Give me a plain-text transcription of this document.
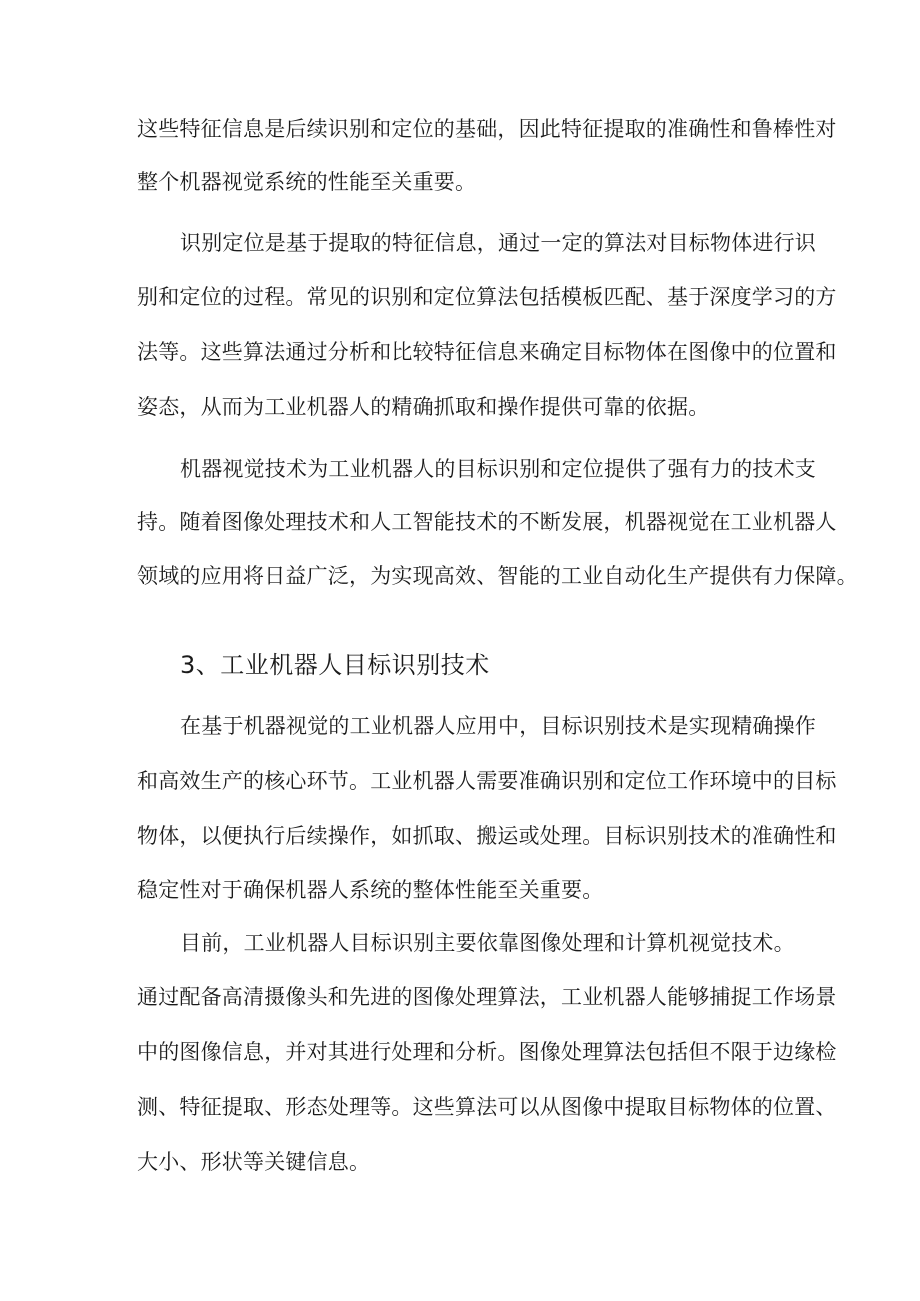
这些特征信息是后续识别和定位的基础，因此特征提取的准确性和鲁棒性对
整个机器视觉系统的性能至关重要。
识别定位是基于提取的特征信息，通过一定的算法对目标物体进行识
别和定位的过程。常见的识别和定位算法包括模板匹配、基于深度学习的方
法等。这些算法通过分析和比较特征信息来确定目标物体在图像中的位置和
姿态，从而为工业机器人的精确抓取和操作提供可靠的依据。
机器视觉技术为工业机器人的目标识别和定位提供了强有力的技术支
持。随着图像处理技术和人工智能技术的不断发展，机器视觉在工业机器人
领域的应用将日益广泛，为实现高效、智能的工业自动化生产提供有力保障。
3、工业机器人目标识别技术
在基于机器视觉的工业机器人应用中，目标识别技术是实现精确操作
和高效生产的核心环节。工业机器人需要准确识别和定位工作环境中的目标
物体，以便执行后续操作，如抓取、搬运或处理。目标识别技术的准确性和
稳定性对于确保机器人系统的整体性能至关重要。
目前，工业机器人目标识别主要依靠图像处理和计算机视觉技术。
通过配备高清摄像头和先进的图像处理算法，工业机器人能够捕捉工作场景
中的图像信息，并对其进行处理和分析。图像处理算法包括但不限于边缘检
测、特征提取、形态处理等。这些算法可以从图像中提取目标物体的位置、
大小、形状等关键信息。
